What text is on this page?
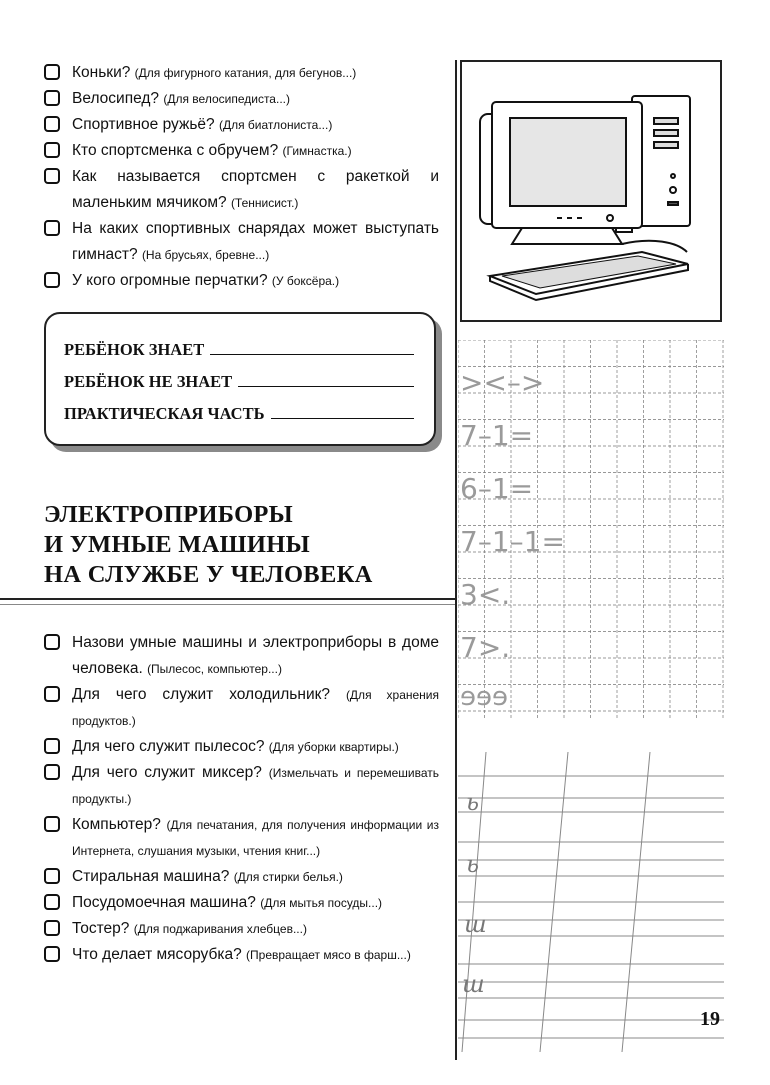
Коньки? (Для фигурного катания, для бегунов...)
Велосипед? (Для велосипедиста...)
Спортивное ружьё? (Для биатлониста...)
Кто спортсменка с обручем? (Гимнастка.)
Как называется спортсмен с ракеткой и маленьким мячиком? (Теннисист.)
На каких спортивных снарядах может выступать гимнаст? (На брусьях, бревне...)
У кого огромные перчатки? (У боксёра.)
РЕБЁНОК ЗНАЕТ
РЕБЁНОК НЕ ЗНАЕТ
ПРАКТИЧЕСКАЯ ЧАСТЬ
ЭЛЕКТРОПРИБОРЫ
И УМНЫЕ МАШИНЫ
НА СЛУЖБЕ У ЧЕЛОВЕКА
Назови умные машины и электроприборы в доме человека. (Пылесос, компьютер...)
Для чего служит холодильник? (Для хранения продуктов.)
Для чего служит пылесос? (Для уборки квартиры.)
Для чего служит миксер? (Измельчать и перемешивать продукты.)
Компьютер? (Для печатания, для получения информации из Интернета, слушания музыки, чтения книг...)
Стиральная машина? (Для стирки белья.)
Посудомоечная машина? (Для мытья посуды...)
Тостер? (Для поджаривания хлебцев...)
Что делает мясорубка? (Превращает мясо в фарш...)
><–>
7–1=
6–1=
7–1–1=
3<.
7>.
ɘɘɘ
ь
ь
ш
ш
19
